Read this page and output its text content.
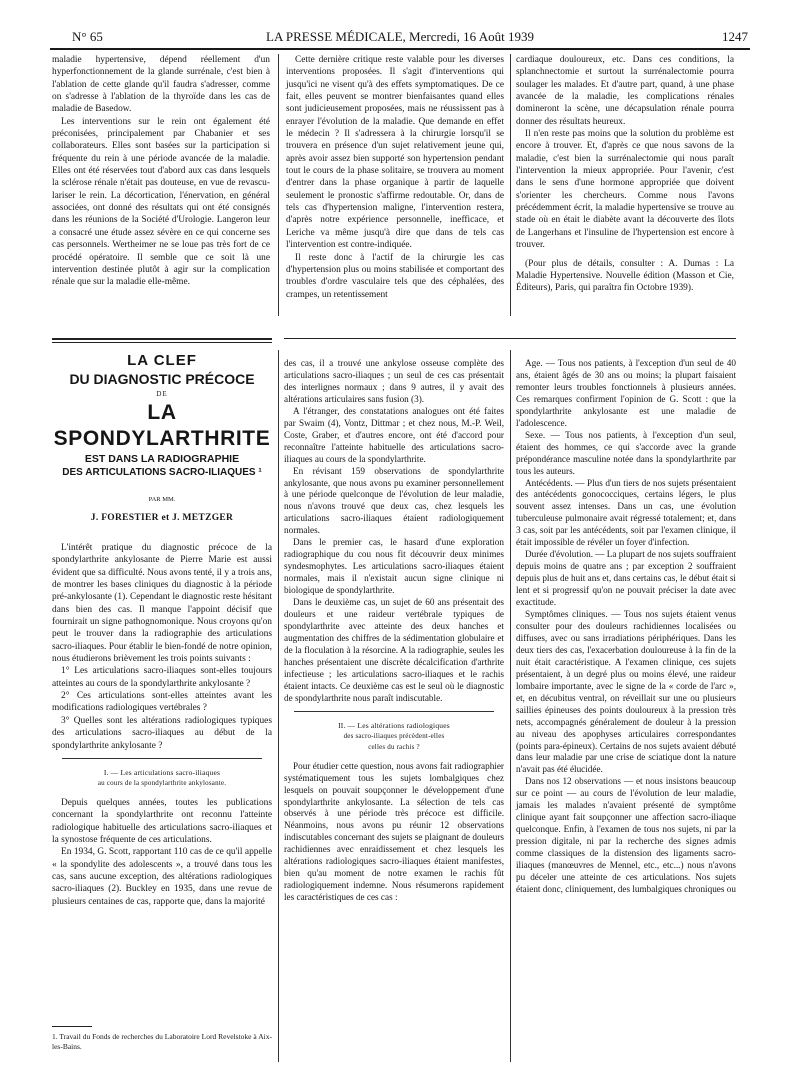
N° 65	LA PRESSE MÉDICALE, Mercredi, 16 Août 1939	1247

maladie hypertensive, dépend réellement d'un hyperfonctionnement de la glande surrénale, c'est bien à l'ablation de cette glande qu'il faudra s'adresser, comme on s'adresse à l'ablation de la thyroïde dans les cas de maladie de Basedow.

Les interventions sur le rein ont également été préconisées, principalement par Chabanier et ses collaborateurs. Elles sont basées sur la participation si fréquente du rein à une période avancée de la maladie. Elles ont été réservées tout d'abord aux cas dans lesquels la sclérose rénale n'était pas douteuse, en vue de revasculariser le rein. La décortication, l'énervation, en général associées, ont donné des résultats qui ont été consignés dans les réunions de la Société d'Urologie. Langeron leur a consacré une étude assez sévère en ce qui concerne ses cas personnels. Wertheimer ne se loue pas très fort de ce procédé opératoire. Il semble que ce soit là une intervention destinée plutôt à agir sur la complication rénale que sur la maladie elle-même.

Cette dernière critique reste valable pour les diverses interventions proposées. Il s'agit d'interventions qui jusqu'ici ne visent qu'à des effets symptomatiques. De ce fait, elles peuvent se montrer bienfaisantes quand elles sont judicieusement proposées, mais ne réussissent pas à enrayer l'évolution de la maladie. Que demande en effet le médecin ? Il s'adressera à la chirurgie lorsqu'il se trouvera en présence d'un sujet relativement jeune qui, après avoir assez bien supporté son hypertension pendant tout le cours de la phase solitaire, se trouvera au moment d'entrer dans la phase organique à partir de laquelle seulement le pronostic s'affirme redoutable. Or, dans de tels cas d'hypertension maligne, l'intervention restera, d'après notre expérience personnelle, inefficace, et Leriche va même jusqu'à dire que dans de tels cas l'intervention est contre-indiquée.

Il reste donc à l'actif de la chirurgie les cas d'hypertension plus ou moins stabilisée et comportant des troubles d'ordre vasculaire tels que des céphalées, des crampes, un retentissement

cardiaque douloureux, etc. Dans ces conditions, la splanchnectomie et surtout la surrénalectomie pourra soulager les malades. Et d'autre part, quand, à une phase avancée de la maladie, les complications rénales domineront la scène, une décapsulation rénale pourra donner des résultats heureux.

Il n'en reste pas moins que la solution du problème est encore à trouver. Et, d'après ce que nous savons de la maladie, c'est bien la surrénalectomie qui nous paraît l'intervention la mieux appropriée. Pour l'avenir, c'est dans le sens d'une hormone appropriée que doivent s'orienter les chercheurs. Comme nous l'avons précédemment écrit, la maladie hypertensive se trouve au stade où en était le diabète avant la découverte des îlots de Langerhans et l'insuline de l'hypertension est encore à trouver.

(Pour plus de détails, consulter : A. Dumas : La Maladie Hypertensive. Nouvelle édition (Masson et Cie, Éditeurs), Paris, qui paraîtra fin Octobre 1939).

LA CLEF
DU DIAGNOSTIC PRÉCOCE
DE
LA SPONDYLARTHRITE
EST DANS LA RADIOGRAPHIE
DES ARTICULATIONS SACRO-ILIAQUES ¹
PAR MM.
J. FORESTIER et J. METZGER

L'intérêt pratique du diagnostic précoce de la spondylarthrite ankylosante de Pierre Marie est aussi évident que sa difficulté. Nous avons tenté, il y a trois ans, de montrer les bases cliniques du diagnostic à la période pré-ankylosante (1). Cependant le diagnostic reste hésitant dans bien des cas. Il manque l'appoint décisif que fournirait un signe pathognomonique. Nous croyons qu'on peut le trouver dans la radiographie des articulations sacro-iliaques. Pour établir le bien-fondé de notre opinion, nous étudierons brièvement les trois points suivants :

1° Les articulations sacro-iliaques sont-elles toujours atteintes au cours de la spondylarthrite ankylosante ?

2° Ces articulations sont-elles atteintes avant les modifications radiologiques vertébrales ?

3° Quelles sont les altérations radiologiques typiques des articulations sacro-iliaques au début de la spondylarthrite ankylosante ?

I. — Les articulations sacro-iliaques
au cours de la spondylarthrite ankylosante.

Depuis quelques années, toutes les publications concernant la spondylarthrite ont reconnu l'atteinte radiologique habituelle des articulations sacro-iliaques et la synostose fréquente de ces articulations.

En 1934, G. Scott, rapportant 110 cas de ce qu'il appelle « la spondylite des adolescents », a trouvé dans tous les cas, sans aucune exception, des altérations radiologiques sacro-iliaques (2). Buckley en 1935, dans une revue de plusieurs centaines de cas, rapporte que, dans la majorité

1. Travail du Fonds de recherches du Laboratoire Lord Revelstoke à Aix-les-Bains.

des cas, il a trouvé une ankylose osseuse complète des articulations sacro-iliaques ; un seul de ces cas présentait des interlignes normaux ; dans 9 autres, il y avait des altérations articulaires sans fusion (3).

A l'étranger, des constatations analogues ont été faites par Swaim (4), Vontz, Dittmar ; et chez nous, M.-P. Weil, Coste, Graber, et d'autres encore, ont été d'accord pour reconnaître l'atteinte habituelle des articulations sacro-iliaques au cours de la spondylarthrite.

En révisant 159 observations de spondylarthrite ankylosante, que nous avons pu examiner personnellement à une période quelconque de l'évolution de leur maladie, nous n'avons trouvé que deux cas, chez lesquels les articulations sacro-iliaques étaient radiologiquement normales.

Dans le premier cas, le hasard d'une exploration radiographique du cou nous fit découvrir deux minimes syndesmophytes. Les articulations sacro-iliaques étaient normales, mais il n'existait aucun signe clinique ni biologique de spondylarthrite.

Dans le deuxième cas, un sujet de 60 ans présentait des douleurs et une raideur vertébrale typiques de spondylarthrite avec atteinte des deux hanches et augmentation des chiffres de la sédimentation globulaire et de la floculation à la résorcine. A la radiographie, seules les hanches présentaient une discrète décalcification d'arthrite infectieuse ; les articulations sacro-iliaques et le rachis étaient intacts. Ce deuxième cas est le seul où le diagnostic de spondylarthrite nous paraît indiscutable.

II. — Les altérations radiologiques
des sacro-iliaques précèdent-elles
celles du rachis ?

Pour étudier cette question, nous avons fait radiographier systématiquement tous les sujets lombalgiques chez lesquels on pouvait soupçonner le développement d'une spondylarthrite ankylosante. La sélection de tels cas observés à une période très précoce est difficile. Néanmoins, nous avons pu réunir 12 observations indiscutables concernant des sujets se plaignant de douleurs rachidiennes avec enraidissement et chez lesquels les altérations radiologiques sacro-iliaques étaient manifestes, bien qu'au moment de notre examen le rachis fût radiologiquement indemne. Nous résumerons rapidement les caractéristiques de ces cas :

Age. — Tous nos patients, à l'exception d'un seul de 40 ans, étaient âgés de 30 ans ou moins; la plupart faisaient remonter leurs troubles fonctionnels à plusieurs années. Ces remarques confirment l'opinion de G. Scott : que la spondylarthrite ankylosante est une maladie de l'adolescence.

Sexe. — Tous nos patients, à l'exception d'un seul, étaient des hommes, ce qui s'accorde avec la grande prépondérance masculine notée dans la spondylarthrite par tous les auteurs.

Antécédents. — Plus d'un tiers de nos sujets présentaient des antécédents gonococciques, certains légers, le plus souvent assez intenses. Dans un cas, une évolution tuberculeuse pulmonaire avait régressé totalement; et, dans 3 cas, soit par les antécédents, soit par l'examen clinique, il était impossible de révéler un foyer d'infection.

Durée d'évolution. — La plupart de nos sujets souffraient depuis moins de quatre ans ; par exception 2 souffraient depuis plus de huit ans et, dans certains cas, le début était si lent et si progressif qu'on ne pouvait préciser la date avec exactitude.

Symptômes cliniques. — Tous nos sujets étaient venus consulter pour des douleurs rachidiennes localisées ou diffuses, avec ou sans irradiations périphériques. Dans les deux tiers des cas, l'exacerbation douloureuse à la fin de la nuit était caractéristique. A l'examen clinique, ces sujets présentaient, à un degré plus ou moins élevé, une raideur lombaire importante, avec le signe de la « corde de l'arc », et, en décubitus ventral, on réveillait sur une ou plusieurs saillies épineuses des points douloureux à la pression très nets, accompagnés généralement de douleur à la pression au niveau des apophyses articulaires correspondantes (points para-épineux). Certains de nos sujets avaient débuté dans leur maladie par une crise de sciatique dont la nature n'avait pas été élucidée.

Dans nos 12 observations — et nous insistons beaucoup sur ce point — au cours de l'évolution de leur maladie, jamais les malades n'avaient présenté de symptôme clinique ayant fait soupçonner une affection sacro-iliaque quelconque. Enfin, à l'examen de tous nos sujets, ni par la pression digitale, ni par la recherche des signes admis comme classiques de la distension des ligaments sacro-iliaques (manœuvres de Mennel, etc., etc...) nous n'avons pu déceler une atteinte de ces articulations. Nos sujets étaient donc, cliniquement, des lumbalgiques chroniques ou
